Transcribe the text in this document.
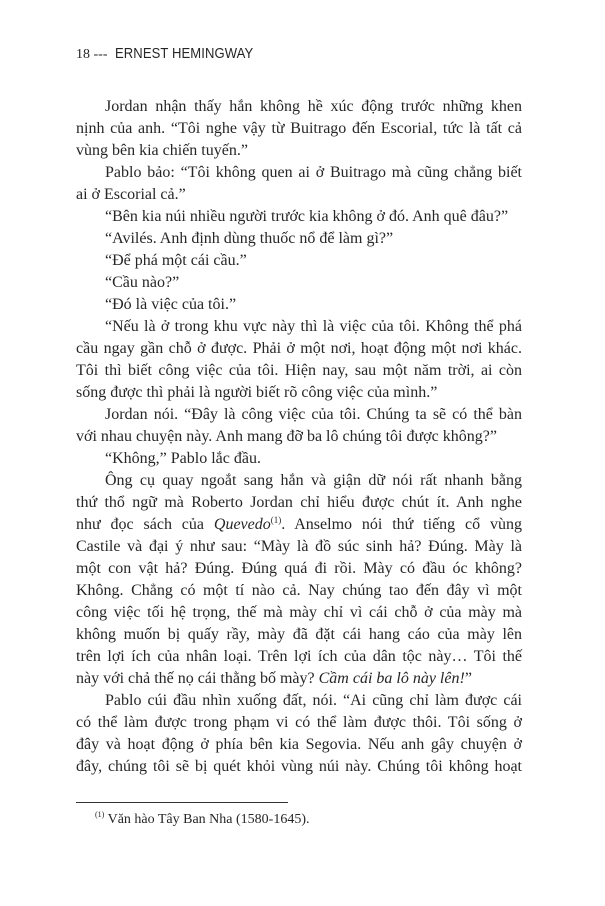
18 --- ERNEST HEMINGWAY
Jordan nhận thấy hắn không hề xúc động trước những khen
nịnh của anh. “Tôi nghe vậy từ Buitrago đến Escorial, tức là tất cả
vùng bên kia chiến tuyến.”
Pablo bảo: “Tôi không quen ai ở Buitrago mà cũng chẳng biết
ai ở Escorial cả.”
“Bên kia núi nhiều người trước kia không ở đó. Anh quê đâu?”
“Avilés. Anh định dùng thuốc nổ để làm gì?”
“Để phá một cái cầu.”
“Cầu nào?”
“Đó là việc của tôi.”
“Nếu là ở trong khu vực này thì là việc của tôi. Không thể phá
cầu ngay gần chỗ ở được. Phải ở một nơi, hoạt động một nơi khác.
Tôi thì biết công việc của tôi. Hiện nay, sau một năm trời, ai còn
sống được thì phải là người biết rõ công việc của mình.”
Jordan nói. “Đây là công việc của tôi. Chúng ta sẽ có thể bàn
với nhau chuyện này. Anh mang đỡ ba lô chúng tôi được không?”
“Không,” Pablo lắc đầu.
Ông cụ quay ngoắt sang hắn và giận dữ nói rất nhanh bằng
thứ thổ ngữ mà Roberto Jordan chỉ hiểu được chút ít. Anh nghe
như đọc sách của Quevedo$^{(1)}$. Anselmo nói thứ tiếng cổ vùng
Castile và đại ý như sau: “Mày là đồ súc sinh hả? Đúng. Mày là
một con vật hả? Đúng. Đúng quá đi rồi. Mày có đầu óc không?
Không. Chẳng có một tí nào cả. Nay chúng tao đến đây vì một
công việc tối hệ trọng, thế mà mày chỉ vì cái chỗ ở của mày mà
không muốn bị quấy rầy, mày đã đặt cái hang cáo của mày lên
trên lợi ích của nhân loại. Trên lợi ích của dân tộc này… Tôi thế
này với chả thế nọ cái thằng bố mày? Cầm cái ba lô này lên!”
Pablo cúi đầu nhìn xuống đất, nói. “Ai cũng chỉ làm được cái
có thể làm được trong phạm vi có thể làm được thôi. Tôi sống ở
đây và hoạt động ở phía bên kia Segovia. Nếu anh gây chuyện ở
đây, chúng tôi sẽ bị quét khỏi vùng núi này. Chúng tôi không hoạt
$^{(1)}$ Văn hào Tây Ban Nha (1580-1645).
